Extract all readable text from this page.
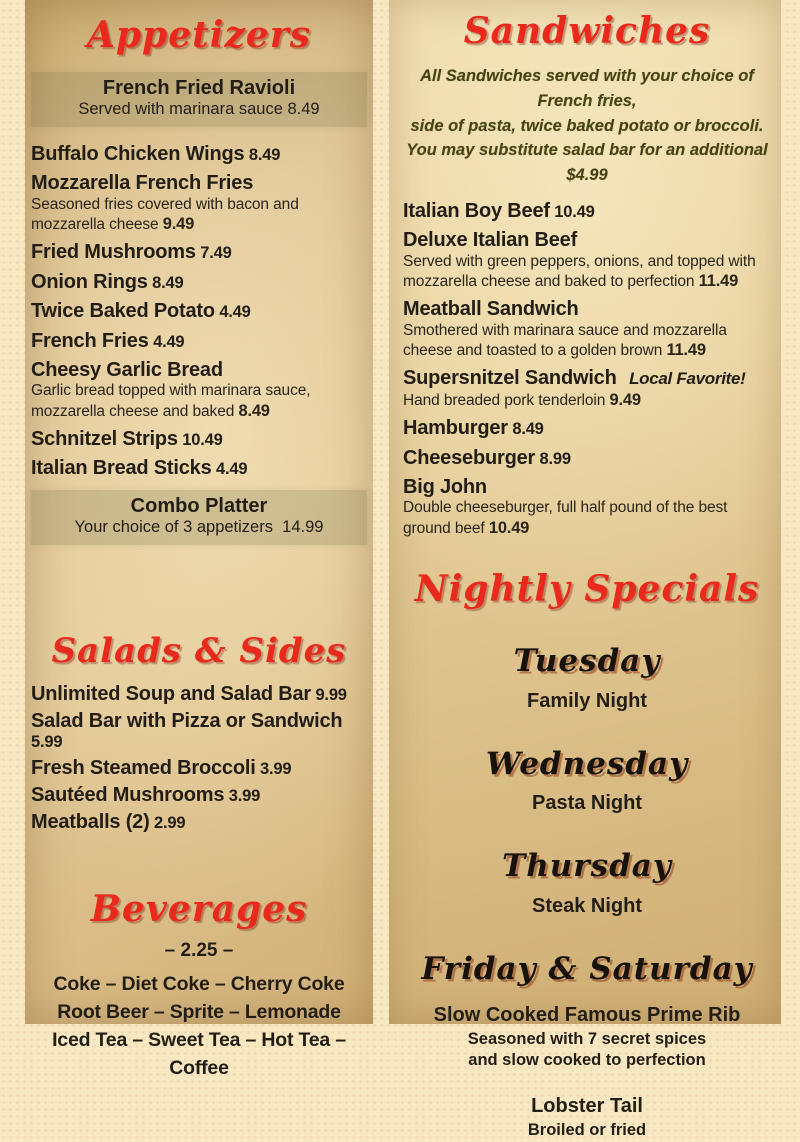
Appetizers
French Fried Ravioli
Served with marinara sauce 8.49
Buffalo Chicken Wings 8.49
Mozzarella French Fries
Seasoned fries covered with bacon and
mozzarella cheese 9.49
Fried Mushrooms 7.49
Onion Rings 8.49
Twice Baked Potato 4.49
French Fries 4.49
Cheesy Garlic Bread
Garlic bread topped with marinara sauce,
mozzarella cheese and baked 8.49
Schnitzel Strips 10.49
Italian Bread Sticks 4.49
Combo Platter
Your choice of 3 appetizers 14.99
Salads & Sides
Unlimited Soup and Salad Bar 9.99
Salad Bar with Pizza or Sandwich 5.99
Fresh Steamed Broccoli 3.99
Sautéed Mushrooms 3.99
Meatballs (2) 2.99
Beverages
– 2.25 –
Coke – Diet Coke – Cherry Coke
Root Beer – Sprite – Lemonade
Iced Tea – Sweet Tea – Hot Tea – Coffee
Sandwiches
All Sandwiches served with your choice of French fries,
side of pasta, twice baked potato or broccoli.
You may substitute salad bar for an additional $4.99
Italian Boy Beef 10.49
Deluxe Italian Beef
Served with green peppers, onions, and topped with
mozzarella cheese and baked to perfection 11.49
Meatball Sandwich
Smothered with marinara sauce and mozzarella
cheese and toasted to a golden brown 11.49
Supersnitzel Sandwich Local Favorite!
Hand breaded pork tenderloin 9.49
Hamburger 8.49
Cheeseburger 8.99
Big John
Double cheeseburger, full half pound of the best
ground beef 10.49
Nightly Specials
Tuesday
Family Night
Wednesday
Pasta Night
Thursday
Steak Night
Friday & Saturday
Slow Cooked Famous Prime Rib
Seasoned with 7 secret spices
and slow cooked to perfection
Lobster Tail
Broiled or fried
